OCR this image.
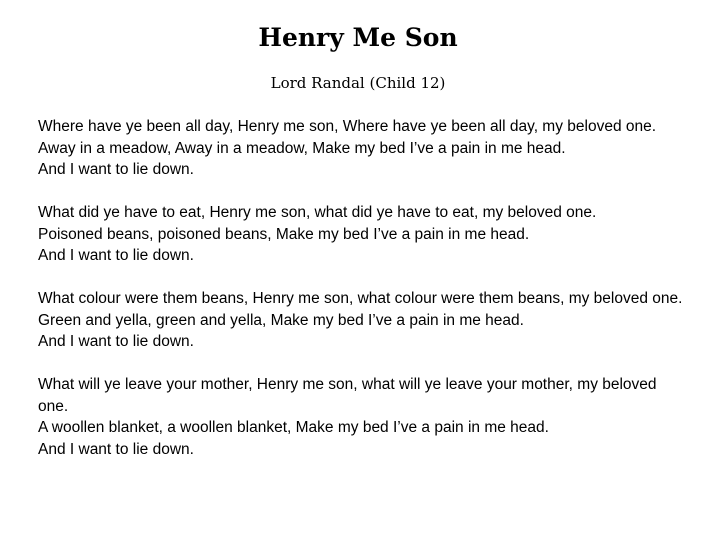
Henry Me Son
Lord Randal (Child 12)
Where have ye been all day, Henry me son, Where have ye been all day, my beloved one.
Away in a meadow, Away in a meadow, Make my bed I’ve a pain in me head.
And I want to lie down.
What did ye have to eat, Henry me son, what did ye have to eat, my beloved one.
Poisoned beans, poisoned beans, Make my bed I’ve a pain in me head.
And I want to lie down.
What colour were them beans, Henry me son, what colour were them beans, my beloved one.
Green and yella, green and yella, Make my bed I’ve a pain in me head.
And I want to lie down.
What will ye leave your mother, Henry me son, what will ye leave your mother, my beloved one.
A woollen blanket, a woollen blanket, Make my bed I’ve a pain in me head.
And I want to lie down.
